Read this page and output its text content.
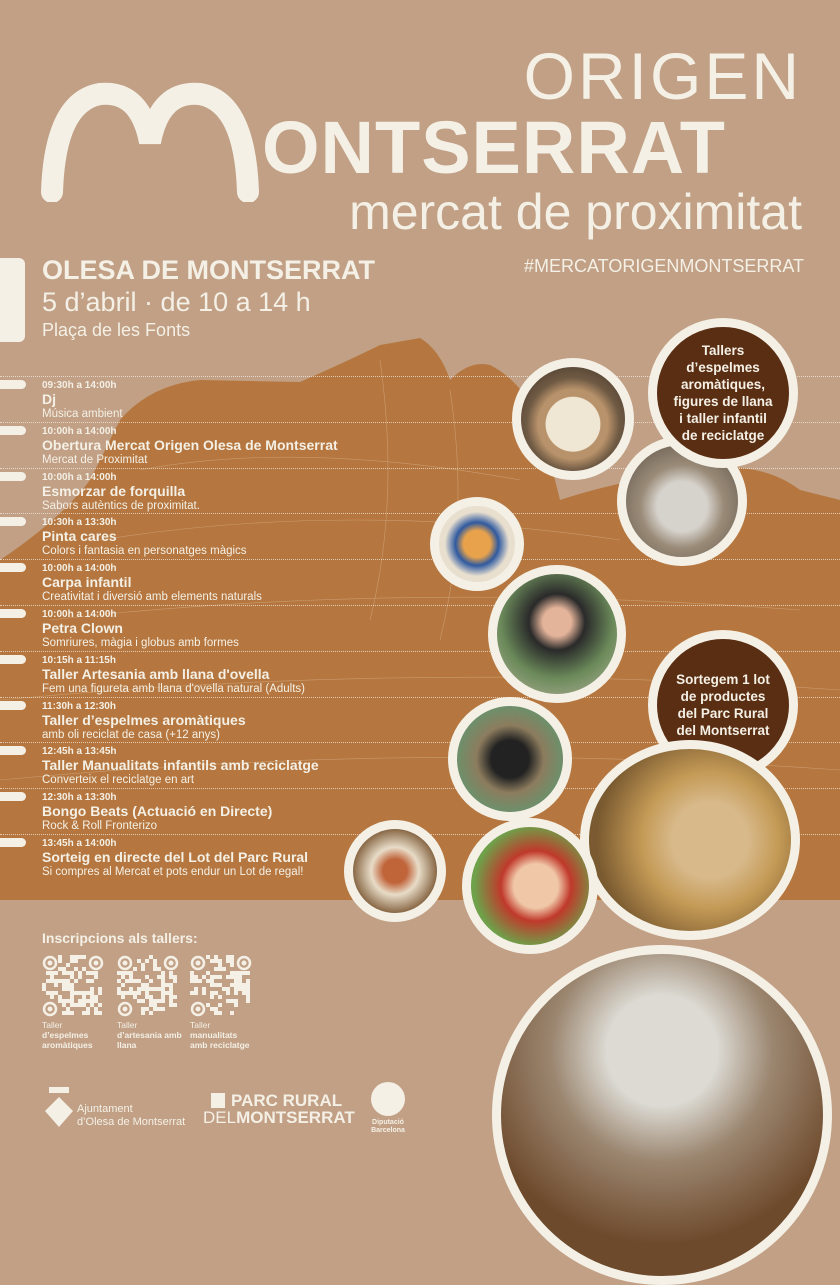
ORIGEN
ONTSERRAT
mercat de proximitat
#MERCATORIGENMONTSERRAT
OLESA DE MONTSERRAT
5 d’abril · de 10 a 14 h
Plaça de les Fonts
09:30h a 14:00h
Dj
Música ambient
10:00h a 14:00h
Obertura Mercat Origen Olesa de Montserrat
Mercat de Proximitat
10:00h a 14:00h
Esmorzar de forquilla
Sabors autèntics de proximitat.
10:30h a 13:30h
Pinta cares
Colors i fantasia en personatges màgics
10:00h a 14:00h
Carpa infantil
Creativitat i diversió amb elements naturals
10:00h a 14:00h
Petra Clown
Somriures, màgia i globus amb formes
10:15h a 11:15h
Taller Artesania amb llana d'ovella
Fem una figureta amb llana d'ovella natural (Adults)
11:30h a 12:30h
Taller d’espelmes aromàtiques
amb oli reciclat de casa (+12 anys)
12:45h a 13:45h
Taller Manualitats infantils amb reciclatge
Converteix el reciclatge en art
12:30h a 13:30h
Bongo Beats (Actuació en Directe)
Rock & Roll Fronterizo
13:45h a 14:00h
Sorteig en directe del Lot del Parc Rural
Si compres al Mercat et pots endur un Lot de regal!
Tallers d’espelmes aromàtiques, figures de llana i taller infantil de reciclatge
Sortegem 1 lot de productes del Parc Rural del Montserrat
Inscripcions als tallers:
Taller
d’espelmes aromàtiques
Taller
d’artesania amb llana
Taller
manualitats amb reciclatge
Ajuntament
d’Olesa de Montserrat
PARC RURAL
DELMONTSERRAT Diputació
Barcelona
